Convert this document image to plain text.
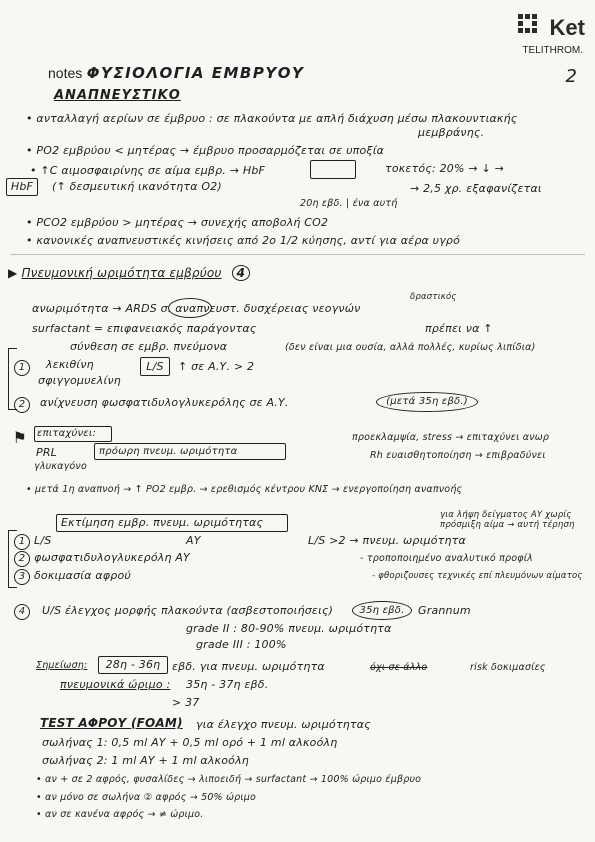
Ket
TELITHROM.
2
notes ΦΥΣΙΟΛΟΓΙΑ ΕΜΒΡΥΟΥ
ΑΝΑΠΝΕΥΣΤΙΚΟ
• ανταλλαγή αερίων σε έμβρυο : σε πλακούντα με απλή διάχυση μέσω πλακουντιακής
μεμβράνης.
• PO2 εμβρύου < μητέρας → έμβρυο προσαρμόζεται σε υποξία
• ↑C αιμοσφαιρίνης σε αίμα εμβρ. → HbF	τοκετός: 20% → ↓ →
HbF	(↑ δεσμευτική ικανότητα O2)	→ 2,5 χρ. εξαφανίζεται
20η εβδ. | ένα αυτή
• PCO2 εμβρύου > μητέρας → συνεχής αποβολή CO2
• κανονικές αναπνευστικές κινήσεις από 2ο 1/2 κύησης, αντί για αέρα υγρό
▶ Πνευμονική ωριμότητα εμβρύου 4
ανωριμότητα → ARDS σ. αναπνευστ. δυσχέρειας νεογνών
δραστικός
surfactant = επιφανειακός παράγοντας	πρέπει να ↑
σύνθεση σε εμβρ. πνεύμονα	(δεν είναι μια ουσία, αλλά πολλές, κυρίως λιπίδια)
1	λεκιθίνη
σφιγγομυελίνη
L/S	↑ σε Α.Υ. > 2
2	ανίχνευση φωσφατιδυλογλυκερόλης σε Α.Υ.	(μετά 35η εβδ.)
⚑	επιταχύνει:
PRL
γλυκαγόνο
πρόωρη πνευμ. ωριμότητα
προεκλαμψία, stress → επιταχύνει ανωρ
Rh ευαισθητοποίηση → επιβραδύνει
• μετά 1η αναπνοή → ↑ PO2 εμβρ. → ερεθισμός κέντρου ΚΝΣ → ενεργοποίηση αναπνοής
Εκτίμηση εμβρ. πνευμ. ωριμότητας
για λήψη δείγματος ΑΥ χωρίς πρόσμιξη αίμα → αυτή τέρηση
1 L/S	ΑΥ	L/S >2 → πνευμ. ωριμότητα
2 φωσφατιδυλογλυκερόλη ΑΥ	- τροποποιημένο αναλυτικό προφίλ
3 δοκιμασία αφρού	- φθοριζουσες τεχνικές επί πλευμόνων αίματος
4	U/S έλεγχος μορφής πλακούντα (ασβεστοποιήσεις)	35η εβδ.	Grannum
grade II : 80-90% πνευμ. ωριμότητα
grade III : 100%
Σημείωση:	28η - 36η	εβδ. για πνευμ. ωριμότητα	όχι σε άλλο	risk δοκιμασίες
πνευμονικά ώριμο : 35η - 37η εβδ.
> 37
TEST ΑΦΡΟΥ (FOAM) για έλεγχο πνευμ. ωριμότητας
σωλήνας 1: 0,5 ml ΑΥ + 0,5 ml ορό + 1 ml αλκοόλη
σωλήνας 2: 1 ml ΑΥ + 1 ml αλκοόλη
• αν + σε 2 αφρός, φυσαλίδες → λιποειδή → surfactant → 100% ώριμο έμβρυο
• αν μόνο σε σωλήνα ② αφρός → 50% ώριμο
• αν σε κανένα αφρός → ≠ ώριμο.
